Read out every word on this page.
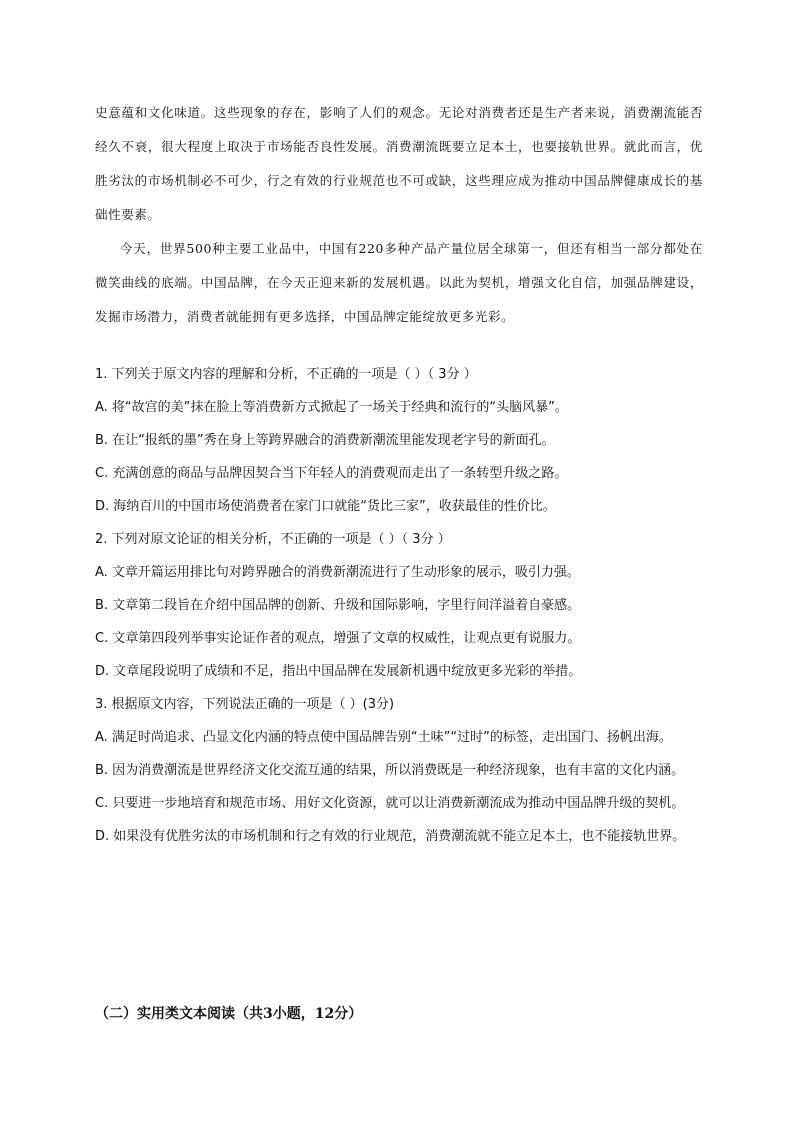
史意蕴和文化味道。这些现象的存在，影响了人们的观念。无论对消费者还是生产者来说，消费潮流能否经久不衰，很大程度上取决于市场能否良性发展。消费潮流既要立足本土，也要接轨世界。就此而言，优胜劣汰的市场机制必不可少，行之有效的行业规范也不可或缺，这些理应成为推动中国品牌健康成长的基础性要素。

今天，世界500种主要工业品中，中国有220多种产品产量位居全球第一，但还有相当一部分都处在微笑曲线的底端。中国品牌，在今天正迎来新的发展机遇。以此为契机，增强文化自信，加强品牌建设，发掘市场潜力，消费者就能拥有更多选择，中国品牌定能绽放更多光彩。

1. 下列关于原文内容的理解和分析，不正确的一项是（ ）（ 3分 ）

A. 将“故宫的美”抹在脸上等消费新方式掀起了一场关于经典和流行的“头脑风暴”。

B. 在让“报纸的墨”秀在身上等跨界融合的消费新潮流里能发现老字号的新面孔。

C. 充满创意的商品与品牌因契合当下年轻人的消费观而走出了一条转型升级之路。

D. 海纳百川的中国市场使消费者在家门口就能“货比三家”，收获最佳的性价比。

2. 下列对原文论证的相关分析，不正确的一项是（ ）（ 3分 ）

A. 文章开篇运用排比句对跨界融合的消费新潮流进行了生动形象的展示，吸引力强。

B. 文章第二段旨在介绍中国品牌的创新、升级和国际影响，字里行间洋溢着自豪感。

C. 文章第四段列举事实论证作者的观点，增强了文章的权威性，让观点更有说服力。

D. 文章尾段说明了成绩和不足，指出中国品牌在发展新机遇中绽放更多光彩的举措。

3. 根据原文内容，下列说法正确的一项是（ ）(3分)

A. 满足时尚追求、凸显文化内涵的特点使中国品牌告别“土味”“过时”的标签，走出国门、扬帆出海。

B. 因为消费潮流是世界经济文化交流互通的结果，所以消费既是一种经济现象，也有丰富的文化内涵。

C. 只要进一步地培育和规范市场、用好文化资源，就可以让消费新潮流成为推动中国品牌升级的契机。

D. 如果没有优胜劣汰的市场机制和行之有效的行业规范，消费潮流就不能立足本土，也不能接轨世界。

（二）实用类文本阅读（共3小题，12分）
